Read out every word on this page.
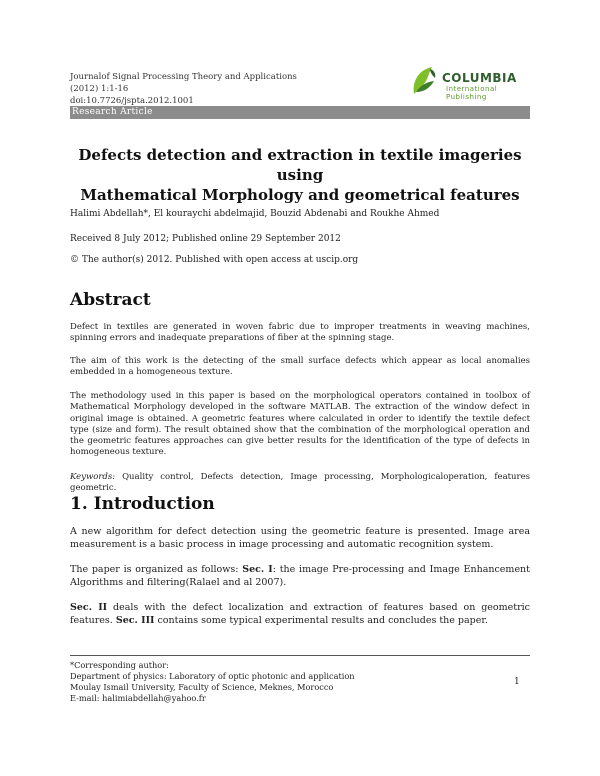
Journalof Signal Processing Theory and Applications
(2012) 1:1-16
doi:10.7726/jspta.2012.1001
Research Article
COLUMBIA
International Publishing
Defects detection and extraction in textile imageries using
Mathematical Morphology and geometrical features
Halimi Abdellah*, El kouraychi abdelmajid, Bouzid Abdenabi and Roukhe Ahmed
Received 8 July 2012; Published online 29 September 2012
© The author(s) 2012. Published with open access at uscip.org
Abstract
Defect in textiles are generated in woven fabric due to improper treatments in weaving machines, spinning errors and inadequate preparations of fiber at the spinning stage.
The aim of this work is the detecting of the small surface defects which appear as local anomalies embedded in a homogeneous texture.
The methodology used in this paper is based on the morphological operators contained in toolbox of Mathematical Morphology developed in the software MATLAB. The extraction of the window defect in original image is obtained. A geometric features where calculated in order to identify the textile defect type (size and form). The result obtained show that the combination of the morphological operation and the geometric features approaches can give better results for the identification of the type of defects in homogeneous texture.
Keywords: Quality control, Defects detection, Image processing, Morphologicaloperation, features geometric.
1. Introduction
A new algorithm for defect detection using the geometric feature is presented. Image area measurement is a basic process in image processing and automatic recognition system.
The paper is organized as follows: Sec. I: the image Pre-processing and Image Enhancement Algorithms and filtering(Ralael and al 2007).
Sec. II deals with the defect localization and extraction of features based on geometric features. Sec. III contains some typical experimental results and concludes the paper.
*Corresponding author:
Department of physics: Laboratory of optic photonic and application
Moulay Ismail University, Faculty of Science, Meknes, Morocco
E-mail: halimiabdellah@yahoo.fr
1
